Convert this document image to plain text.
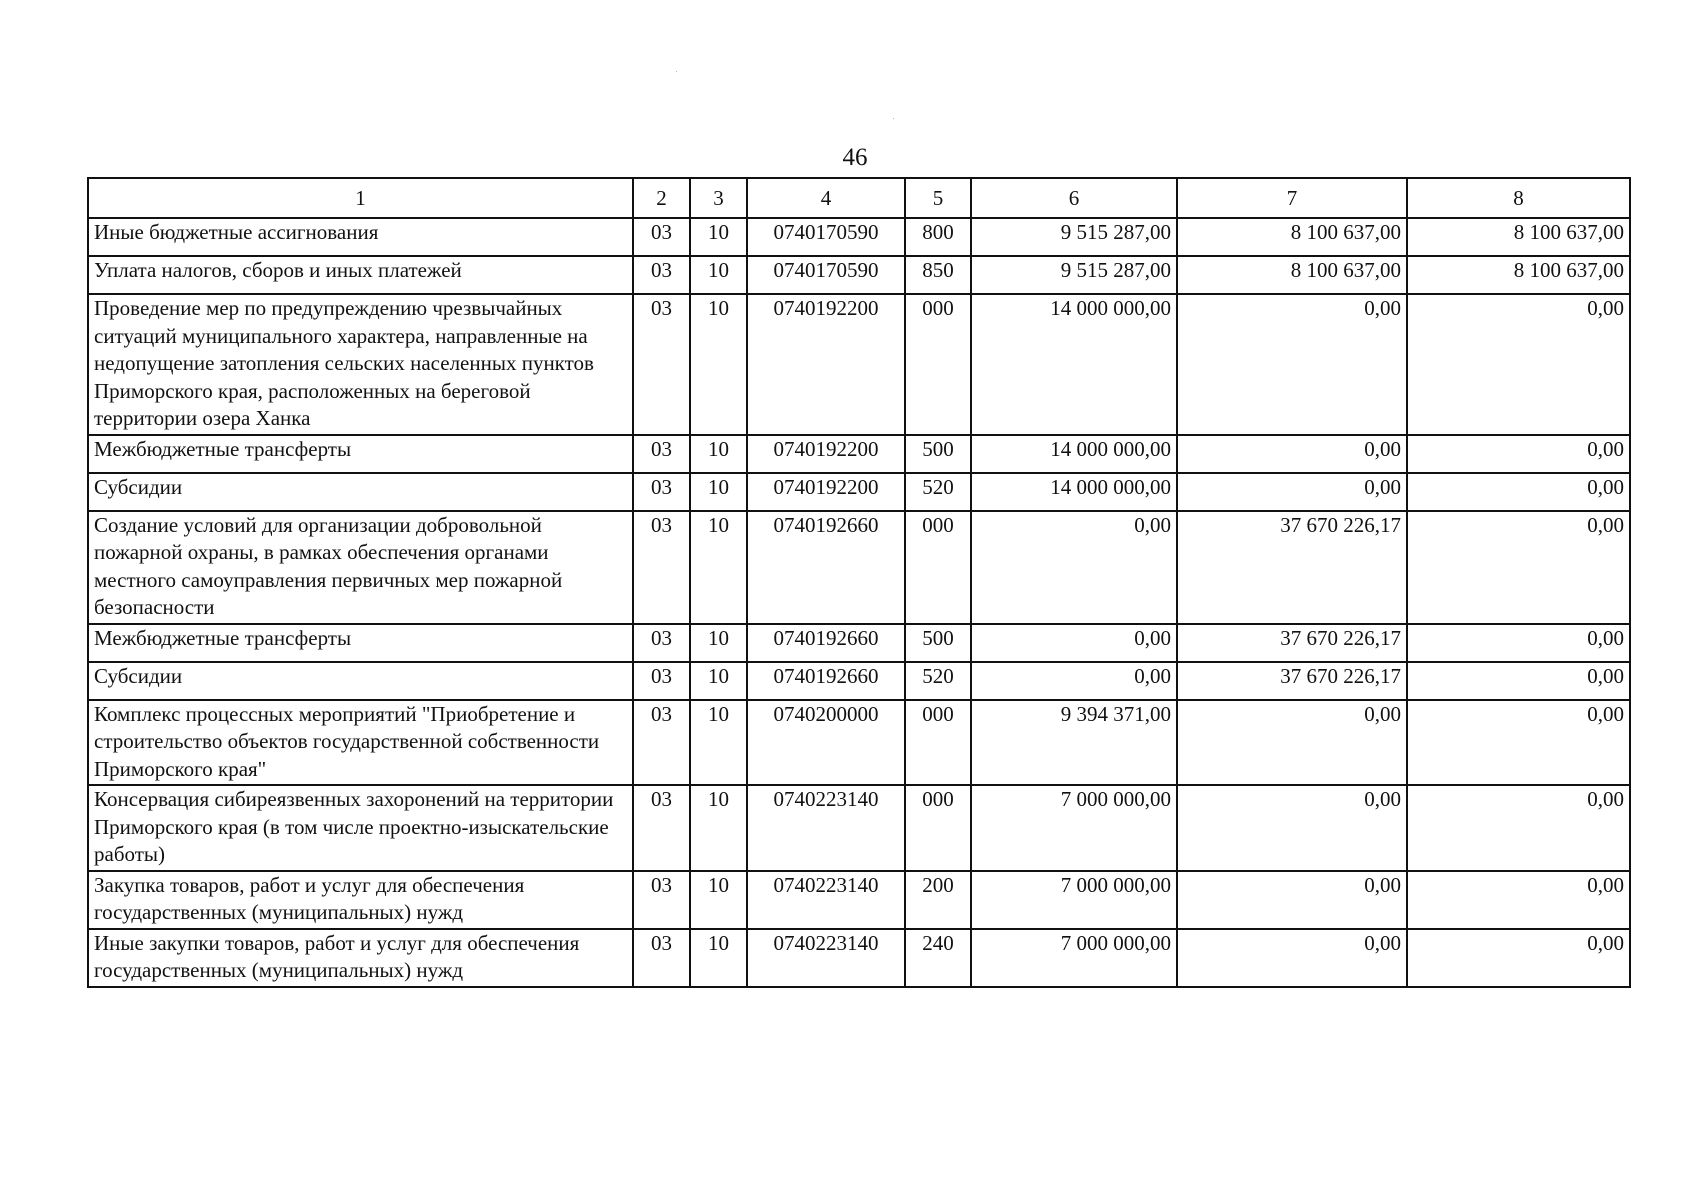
46
1	2	3	4	5	6	7	8
Иные бюджетные ассигнования	03	10	0740170590	800	9 515 287,00	8 100 637,00	8 100 637,00
Уплата налогов, сборов и иных платежей	03	10	0740170590	850	9 515 287,00	8 100 637,00	8 100 637,00
Проведение мер по предупреждению чрезвычайных ситуаций муниципального характера, направленные на недопущение затопления сельских населенных пунктов Приморского края, расположенных на береговой территории озера Ханка	03	10	0740192200	000	14 000 000,00	0,00	0,00
Межбюджетные трансферты	03	10	0740192200	500	14 000 000,00	0,00	0,00
Субсидии	03	10	0740192200	520	14 000 000,00	0,00	0,00
Создание условий для организации добровольной пожарной охраны, в рамках обеспечения органами местного самоуправления первичных мер пожарной безопасности	03	10	0740192660	000	0,00	37 670 226,17	0,00
Межбюджетные трансферты	03	10	0740192660	500	0,00	37 670 226,17	0,00
Субсидии	03	10	0740192660	520	0,00	37 670 226,17	0,00
Комплекс процессных мероприятий "Приобретение и строительство объектов государственной собственности Приморского края"	03	10	0740200000	000	9 394 371,00	0,00	0,00
Консервация сибиреязвенных захоронений на территории Приморского края (в том числе проектно-изыскательские работы)	03	10	0740223140	000	7 000 000,00	0,00	0,00
Закупка товаров, работ и услуг для обеспечения государственных (муниципальных) нужд	03	10	0740223140	200	7 000 000,00	0,00	0,00
Иные закупки товаров, работ и услуг для обеспечения государственных (муниципальных) нужд	03	10	0740223140	240	7 000 000,00	0,00	0,00
